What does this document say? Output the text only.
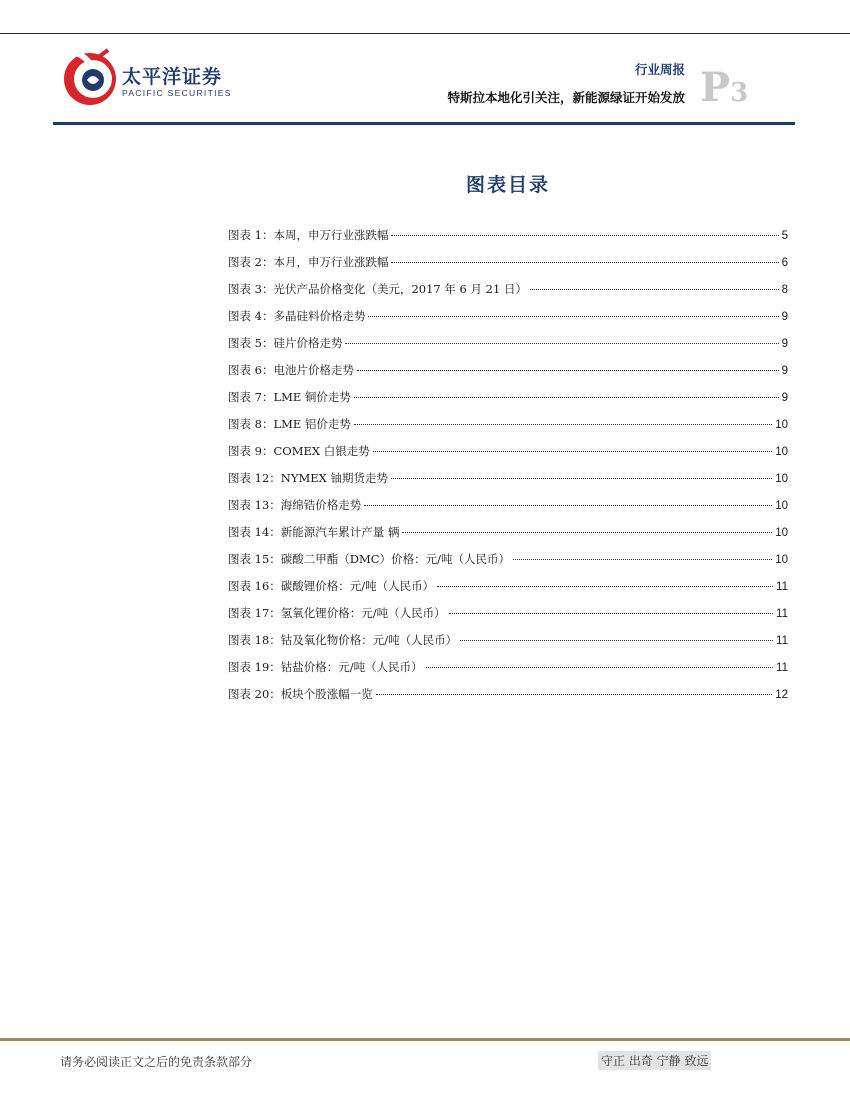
太平洋证券
PACIFIC SECURITIES
行业周报
特斯拉本地化引关注，新能源绿证开始发放 P3
图表目录
图表 1：本周，申万行业涨跌幅	5
图表 2：本月，申万行业涨跌幅	6
图表 3：光伏产品价格变化（美元，2017 年 6 月 21 日）	8
图表 4：多晶硅料价格走势	9
图表 5：硅片价格走势	9
图表 6：电池片价格走势	9
图表 7：LME 铜价走势	9
图表 8：LME 铝价走势	10
图表 9：COMEX 白银走势	10
图表 12：NYMEX 铀期货走势	10
图表 13：海绵锆价格走势	10
图表 14：新能源汽车累计产量 辆	10
图表 15：碳酸二甲酯（DMC）价格：元/吨（人民币）	10
图表 16：碳酸锂价格：元/吨（人民币）	11
图表 17：氢氧化锂价格：元/吨（人民币）	11
图表 18：钴及氧化物价格：元/吨（人民币）	11
图表 19：钴盐价格：元/吨（人民币）	11
图表 20：板块个股涨幅一览	12
请务必阅读正文之后的免责条款部分	守正 出奇 宁静 致远
